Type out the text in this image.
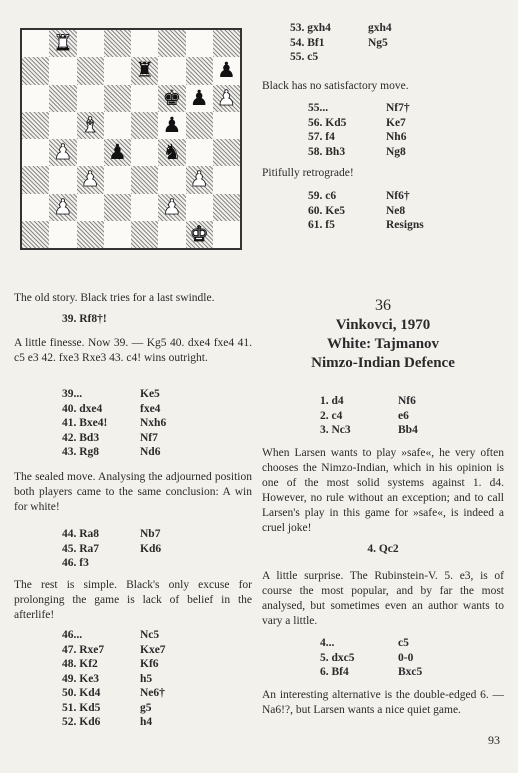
♜
♜	♟
♚ ♟ ♟
♝	♟
♟ ♟ ♞
♟	♟
♟	♟
♚

The old story. Black tries for a last swindle.

39. Rf8†!

A little finesse. Now 39. — Kg5 40. dxe4 fxe4 41. c5 e3 42. fxe3 Rxe3 43. c4! wins outright.

39...	Ke5
40. dxe4	fxe4
41. Bxe4!	Nxh6
42. Bd3	Nf7
43. Rg8	Nd6

The sealed move. Analysing the adjourned position both players came to the same conclusion: A win for white!

44. Ra8	Nb7
45. Ra7	Kd6
46. f3

The rest is simple. Black's only excuse for prolonging the game is lack of belief in the afterlife!

46...	Nc5
47. Rxe7	Kxe7
48. Kf2	Kf6
49. Ke3	h5
50. Kd4	Ne6†
51. Kd5	g5
52. Kd6	h4
53. gxh4	gxh4
54. Bf1	Ng5
55. c5

Black has no satisfactory move.

55...	Nf7†
56. Kd5	Ke7
57. f4	Nh6
58. Bh3	Ng8

Pitifully retrograde!

59. c6	Nf6†
60. Ke5	Ne8
61. f5	Resigns
36
Vinkovci, 1970
White: Tajmanov
Nimzo-Indian Defence
1. d4	Nf6
2. c4	e6
3. Nc3	Bb4

When Larsen wants to play »safe«, he very often chooses the Nimzo-Indian, which in his opinion is one of the most solid systems against 1. d4. However, no rule without an exception; and to call Larsen's play in this game for »safe«, is indeed a cruel joke!

4. Qc2

A little surprise. The Rubinstein-V. 5. e3, is of course the most popular, and by far the most analysed, but sometimes even an author wants to vary a little.

4...	c5
5. dxc5	0-0
6. Bf4	Bxc5

An interesting alternative is the double-edged 6. — Na6!?, but Larsen wants a nice quiet game.

93
